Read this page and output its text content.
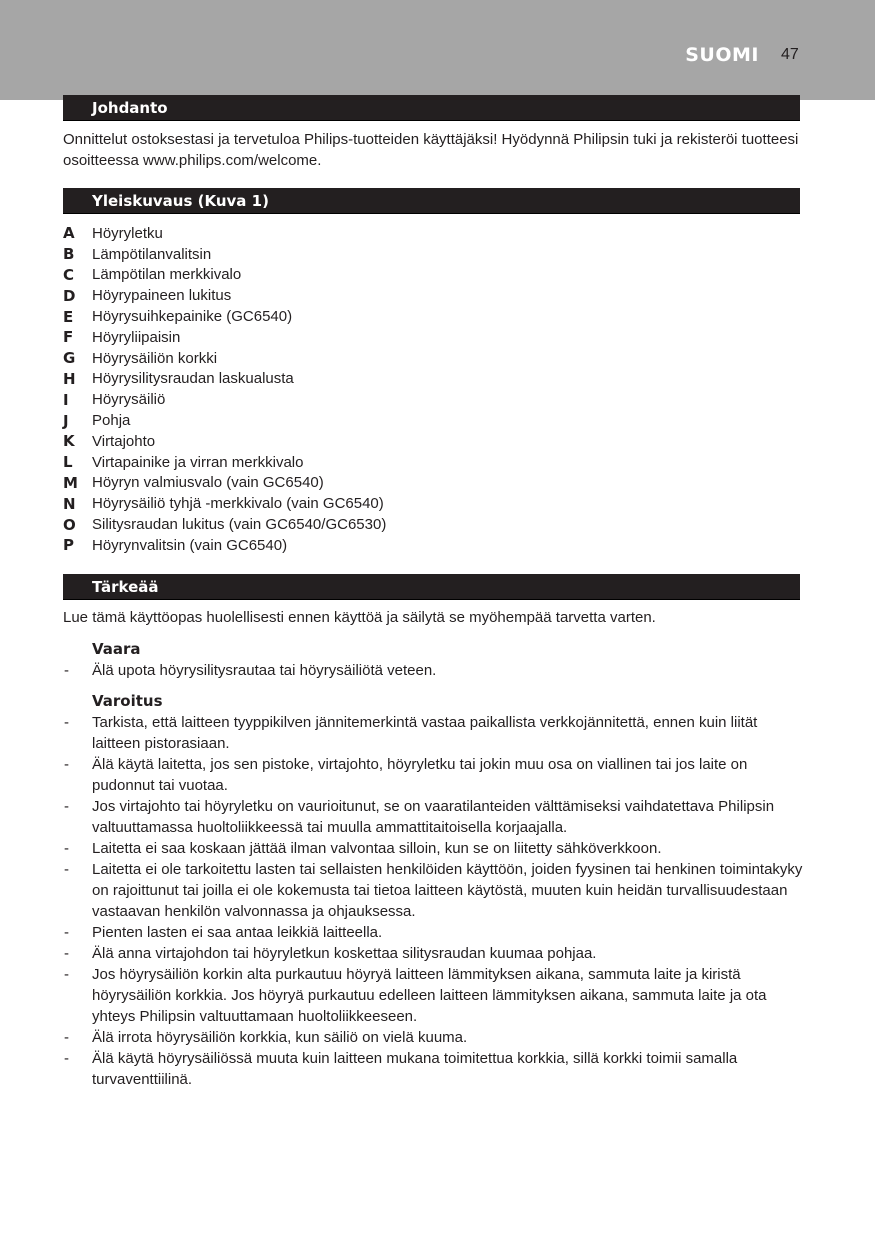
SUOMI 47
Johdanto

Onnittelut ostoksestasi ja tervetuloa Philips-tuotteiden käyttäjäksi! Hyödynnä Philipsin tuki ja rekisteröi tuotteesi osoitteessa www.philips.com/welcome.

Yleiskuvaus (Kuva 1)
A	Höyryletku
B	Lämpötilanvalitsin
C	Lämpötilan merkkivalo
D	Höyrypaineen lukitus
E	Höyrysuihkepainike (GC6540)
F	Höyryliipaisin
G	Höyrysäiliön korkki
H	Höyrysilitysraudan laskualusta
I	Höyrysäiliö
J	Pohja
K	Virtajohto
L	Virtapainike ja virran merkkivalo
M Höyryn valmiusvalo (vain GC6540)
N	Höyrysäiliö tyhjä -merkkivalo (vain GC6540)
O	Silitysraudan lukitus (vain GC6540/GC6530)
P	Höyrynvalitsin (vain GC6540)
Tärkeää

Lue tämä käyttöopas huolellisesti ennen käyttöä ja säilytä se myöhempää tarvetta varten.

Vaara
-	Älä upota höyrysilitysrautaa tai höyrysäiliötä veteen.
Varoitus
-	Tarkista, että laitteen tyyppikilven jännitemerkintä vastaa paikallista verkkojännitettä, ennen kuin liität laitteen pistorasiaan.
-	Älä käytä laitetta, jos sen pistoke, virtajohto, höyryletku tai jokin muu osa on viallinen tai jos laite on pudonnut tai vuotaa.
-	Jos virtajohto tai höyryletku on vaurioitunut, se on vaaratilanteiden välttämiseksi vaihdatettava Philipsin valtuuttamassa huoltoliikkeessä tai muulla ammattitaitoisella korjaajalla.
-	Laitetta ei saa koskaan jättää ilman valvontaa silloin, kun se on liitetty sähköverkkoon.
-	Laitetta ei ole tarkoitettu lasten tai sellaisten henkilöiden käyttöön, joiden fyysinen tai henkinen toimintakyky on rajoittunut tai joilla ei ole kokemusta tai tietoa laitteen käytöstä, muuten kuin heidän turvallisuudestaan vastaavan henkilön valvonnassa ja ohjauksessa.
-	Pienten lasten ei saa antaa leikkiä laitteella.
-	Älä anna virtajohdon tai höyryletkun koskettaa silitysraudan kuumaa pohjaa.
-	Jos höyrysäiliön korkin alta purkautuu höyryä laitteen lämmityksen aikana, sammuta laite ja kiristä höyrysäiliön korkkia. Jos höyryä purkautuu edelleen laitteen lämmityksen aikana, sammuta laite ja ota yhteys Philipsin valtuuttamaan huoltoliikkeeseen.
-	Älä irrota höyrysäiliön korkkia, kun säiliö on vielä kuuma.
-	Älä käytä höyrysäiliössä muuta kuin laitteen mukana toimitettua korkkia, sillä korkki toimii samalla turvaventtiilinä.
